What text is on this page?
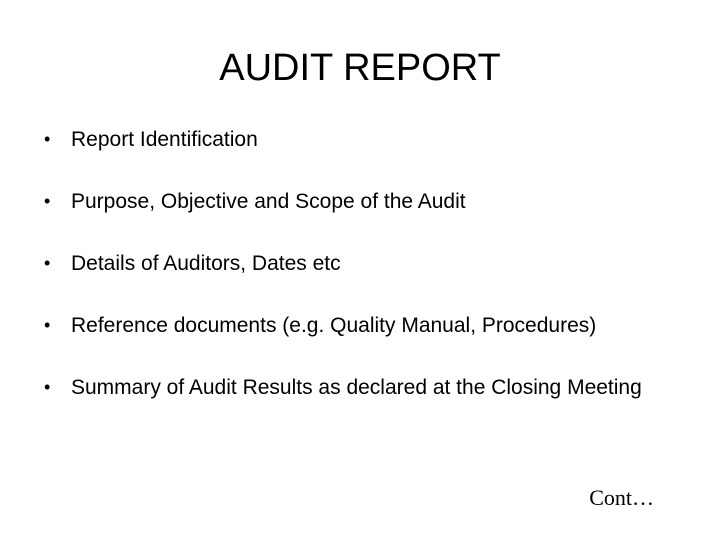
AUDIT REPORT
• Report Identification
• Purpose, Objective and Scope of the Audit
• Details of Auditors, Dates etc
• Reference documents (e.g. Quality Manual, Procedures)
• Summary of Audit Results as declared at the Closing Meeting
Cont…
